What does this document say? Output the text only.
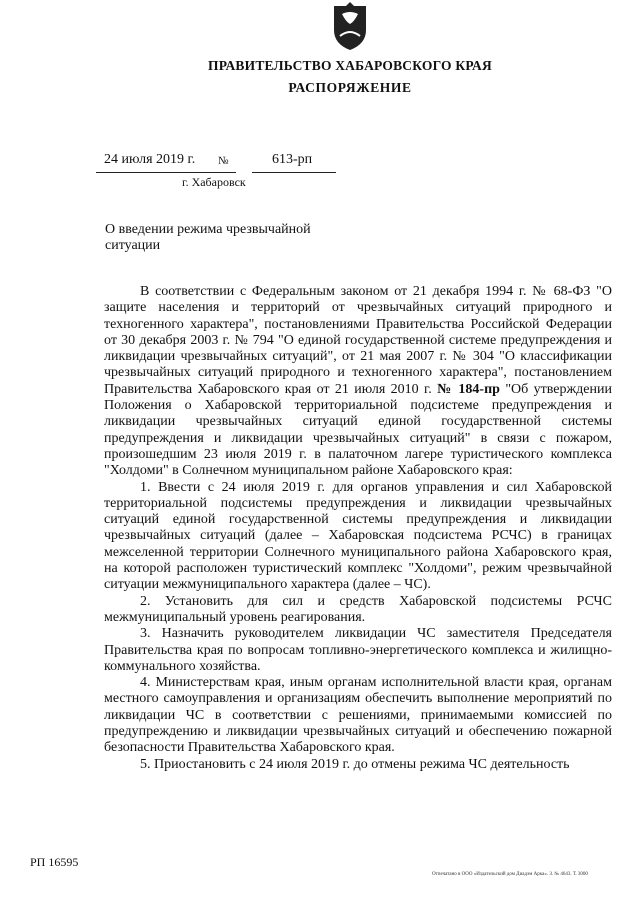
ПРАВИТЕЛЬСТВО ХАБАРОВСКОГО КРАЯ
РАСПОРЯЖЕНИЕ
24 июля 2019 г. №	613-рп
г. Хабаровск
О введении режима чрезвычайной ситуации

В соответствии с Федеральным законом от 21 декабря 1994 г. № 68-ФЗ "О защите населения и территорий от чрезвычайных ситуаций природного и техногенного характера", постановлениями Правительства Российской Федерации от 30 декабря 2003 г. № 794 "О единой государственной системе предупреждения и ликвидации чрезвычайных ситуаций", от 21 мая 2007 г. № 304 "О классификации чрезвычайных ситуаций природного и техногенного характера", постановлением Правительства Хабаровского края от 21 июля 2010 г. № 184-пр "Об утверждении Положения о Хабаровской территориальной подсистеме предупреждения и ликвидации чрезвычайных ситуаций единой государственной системы предупреждения и ликвидации чрезвычайных ситуаций" в связи с пожаром, произошедшим 23 июля 2019 г. в палаточном лагере туристического комплекса "Холдоми" в Солнечном муниципальном районе Хабаровского края:

1. Ввести с 24 июля 2019 г. для органов управления и сил Хабаровской территориальной подсистемы предупреждения и ликвидации чрезвычайных ситуаций единой государственной системы предупреждения и ликвидации чрезвычайных ситуаций (далее – Хабаровская подсистема РСЧС) в границах межселенной территории Солнечного муниципального района Хабаровского края, на которой расположен туристический комплекс "Холдоми", режим чрезвычайной ситуации межмуниципального характера (далее – ЧС).

2. Установить для сил и средств Хабаровской подсистемы РСЧС межмуниципальный уровень реагирования.

3. Назначить руководителем ликвидации ЧС заместителя Председателя Правительства края по вопросам топливно-энергетического комплекса и жилищно-коммунального хозяйства.

4. Министерствам края, иным органам исполнительной власти края, органам местного самоуправления и организациям обеспечить выполнение мероприятий по ликвидации ЧС в соответствии с решениями, принимаемыми комиссией по предупреждению и ликвидации чрезвычайных ситуаций и обеспечению пожарной безопасности Правительства Хабаровского края.

5. Приостановить с 24 июля 2019 г. до отмены режима ЧС деятельность

РП 16595
Отпечатано в ООО «Издательский дом Диадэм Арка». З. № 4643. Т. 3000
